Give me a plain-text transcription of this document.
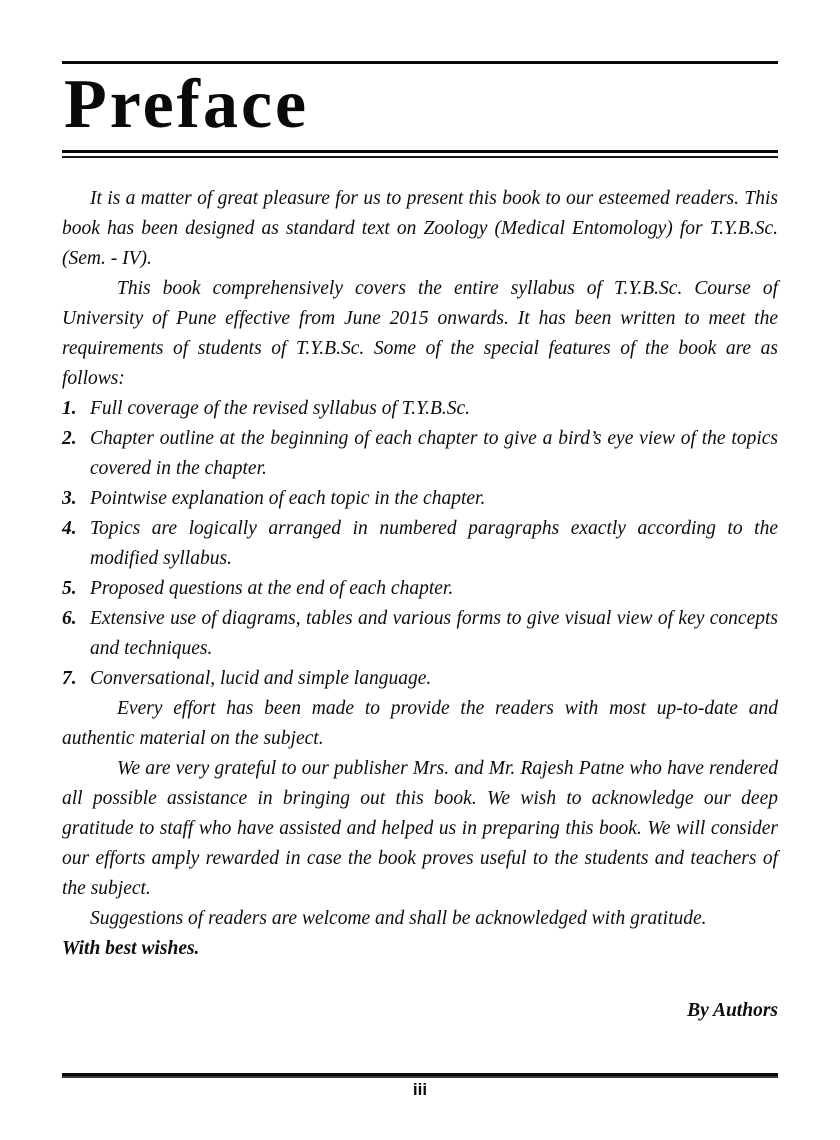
Preface

It is a matter of great pleasure for us to present this book to our esteemed readers. This book has been designed as standard text on Zoology (Medical Entomology) for T.Y.B.Sc. (Sem. - IV).

This book comprehensively covers the entire syllabus of T.Y.B.Sc. Course of University of Pune effective from June 2015 onwards. It has been written to meet the requirements of students of T.Y.B.Sc. Some of the special features of the book are as follows:

1. Full coverage of the revised syllabus of T.Y.B.Sc.
2. Chapter outline at the beginning of each chapter to give a bird’s eye view of the topics covered in the chapter.
3. Pointwise explanation of each topic in the chapter.
4. Topics are logically arranged in numbered paragraphs exactly according to the modified syllabus.
5. Proposed questions at the end of each chapter.
6. Extensive use of diagrams, tables and various forms to give visual view of key concepts and techniques.
7. Conversational, lucid and simple language.

Every effort has been made to provide the readers with most up-to-date and authentic material on the subject.

We are very grateful to our publisher Mrs. and Mr. Rajesh Patne who have rendered all possible assistance in bringing out this book. We wish to acknowledge our deep gratitude to staff who have assisted and helped us in preparing this book. We will consider our efforts amply rewarded in case the book proves useful to the students and teachers of the subject.

Suggestions of readers are welcome and shall be acknowledged with gratitude.

With best wishes.

By Authors

iii
